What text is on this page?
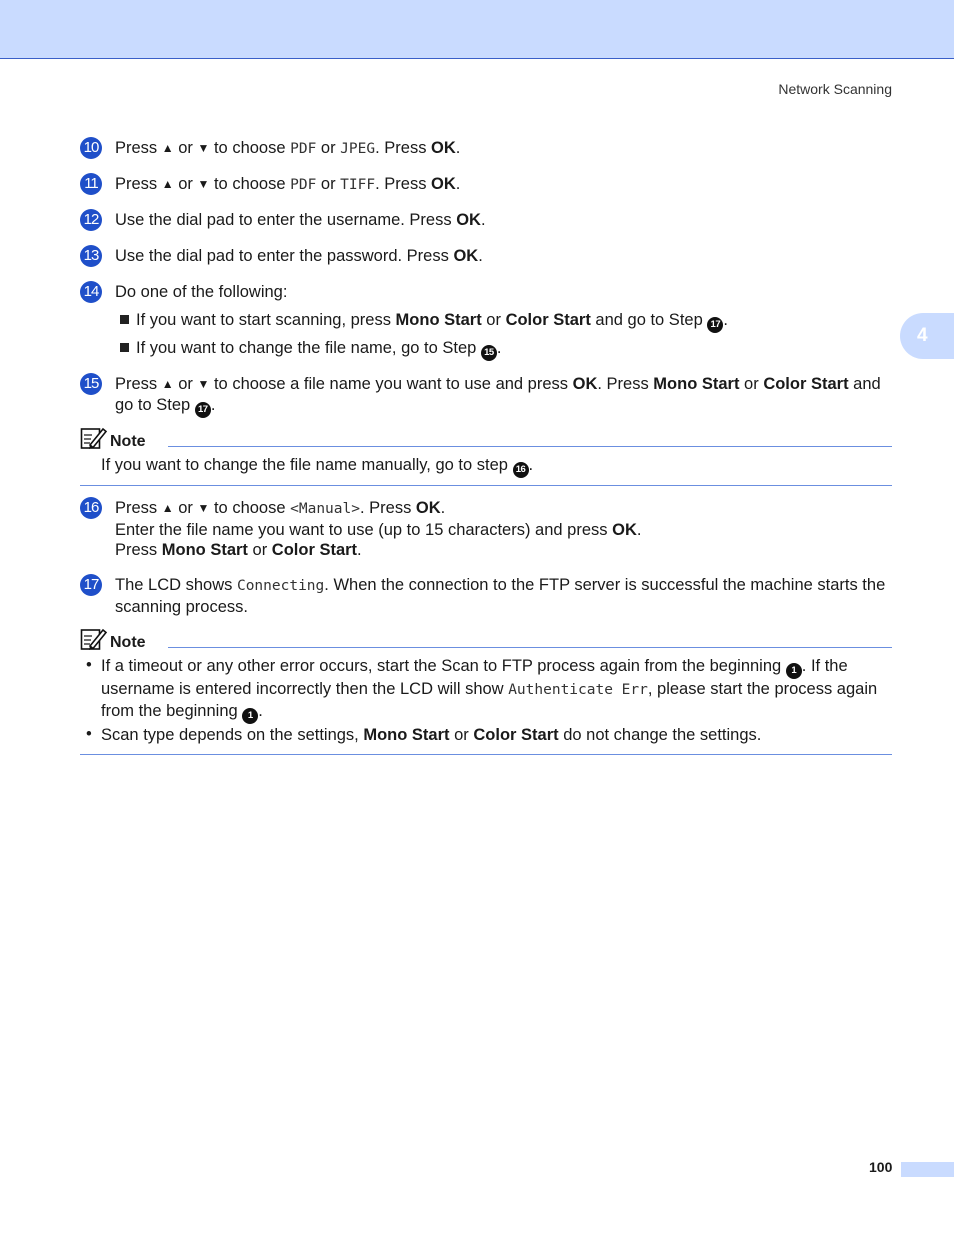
Network Scanning
4
10 Press ▲ or ▼ to choose PDF or JPEG. Press OK.
11 Press ▲ or ▼ to choose PDF or TIFF. Press OK.
12 Use the dial pad to enter the username. Press OK.
13 Use the dial pad to enter the password. Press OK.
14 Do one of the following:
If you want to start scanning, press Mono Start or Color Start and go to Step 17 .
If you want to change the file name, go to Step 15 .
15 Press ▲ or ▼ to choose a file name you want to use and press OK. Press Mono Start or Color Start and go to Step 17 .
Note
If you want to change the file name manually, go to step 16 .
16 Press ▲ or ▼ to choose <Manual>. Press OK.
Enter the file name you want to use (up to 15 characters) and press OK.
Press Mono Start or Color Start.
17 The LCD shows Connecting. When the connection to the FTP server is successful the machine starts the scanning process.
Note
• If a timeout or any other error occurs, start the Scan to FTP process again from the beginning 1 . If the username is entered incorrectly then the LCD will show Authenticate Err, please start the process again from the beginning 1 .
• Scan type depends on the settings, Mono Start or Color Start do not change the settings.
100
